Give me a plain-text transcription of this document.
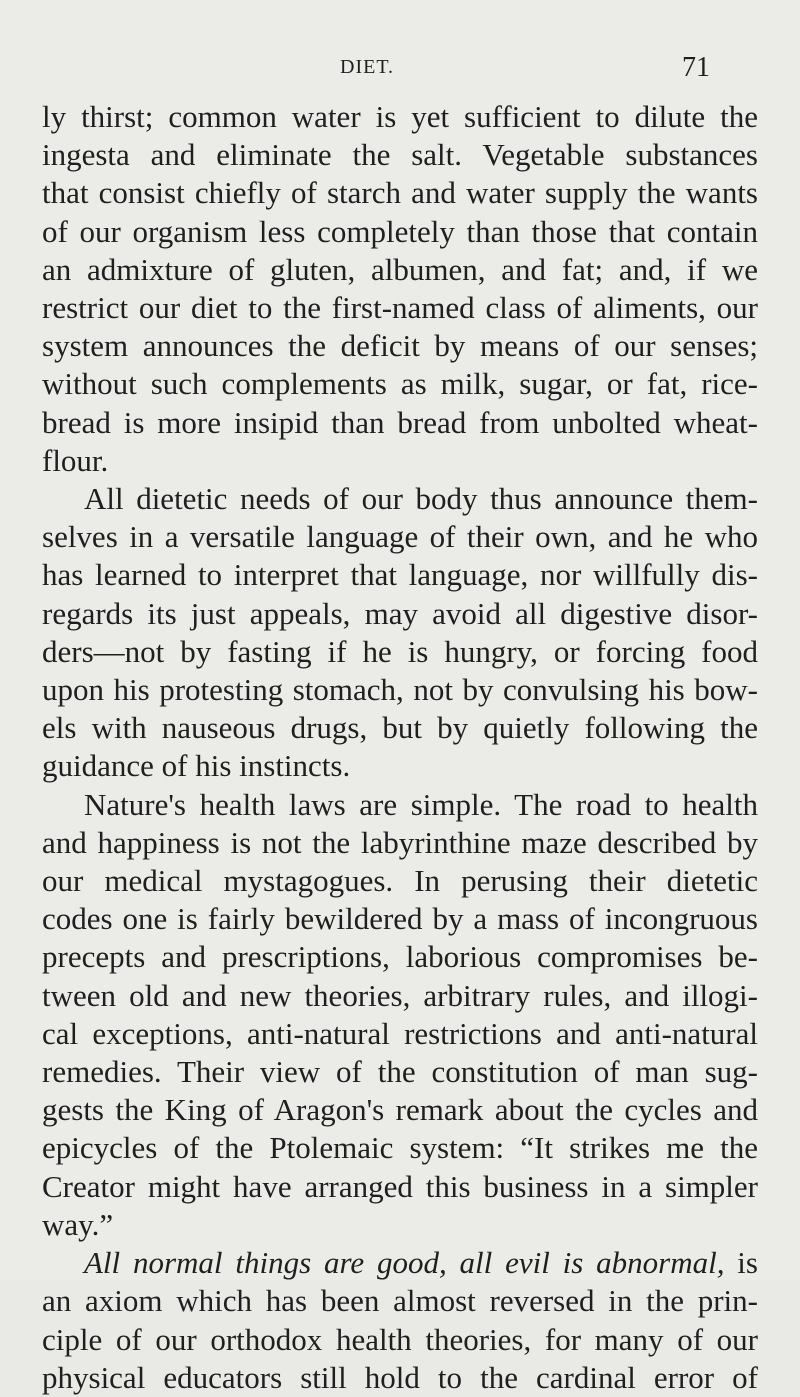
DIET.	71
ly thirst; common water is yet sufficient to dilute the
ingesta and eliminate the salt. Vegetable substances
that consist chiefly of starch and water supply the wants
of our organism less completely than those that contain
an admixture of gluten, albumen, and fat; and, if we
restrict our diet to the first-named class of aliments, our
system announces the deficit by means of our senses;
without such complements as milk, sugar, or fat, rice-
bread is more insipid than bread from unbolted wheat-
flour.
All dietetic needs of our body thus announce them-
selves in a versatile language of their own, and he who
has learned to interpret that language, nor willfully dis-
regards its just appeals, may avoid all digestive disor-
ders—not by fasting if he is hungry, or forcing food
upon his protesting stomach, not by convulsing his bow-
els with nauseous drugs, but by quietly following the
guidance of his instincts.
Nature's health laws are simple. The road to health
and happiness is not the labyrinthine maze described by
our medical mystagogues. In perusing their dietetic
codes one is fairly bewildered by a mass of incongruous
precepts and prescriptions, laborious compromises be-
tween old and new theories, arbitrary rules, and illogi-
cal exceptions, anti-natural restrictions and anti-natural
remedies. Their view of the constitution of man sug-
gests the King of Aragon's remark about the cycles and
epicycles of the Ptolemaic system: “It strikes me the
Creator might have arranged this business in a simpler
way.”
All normal things are good, all evil is abnormal, is
an axiom which has been almost reversed in the prin-
ciple of our orthodox health theories, for many of our
physical educators still hold to the cardinal error of
